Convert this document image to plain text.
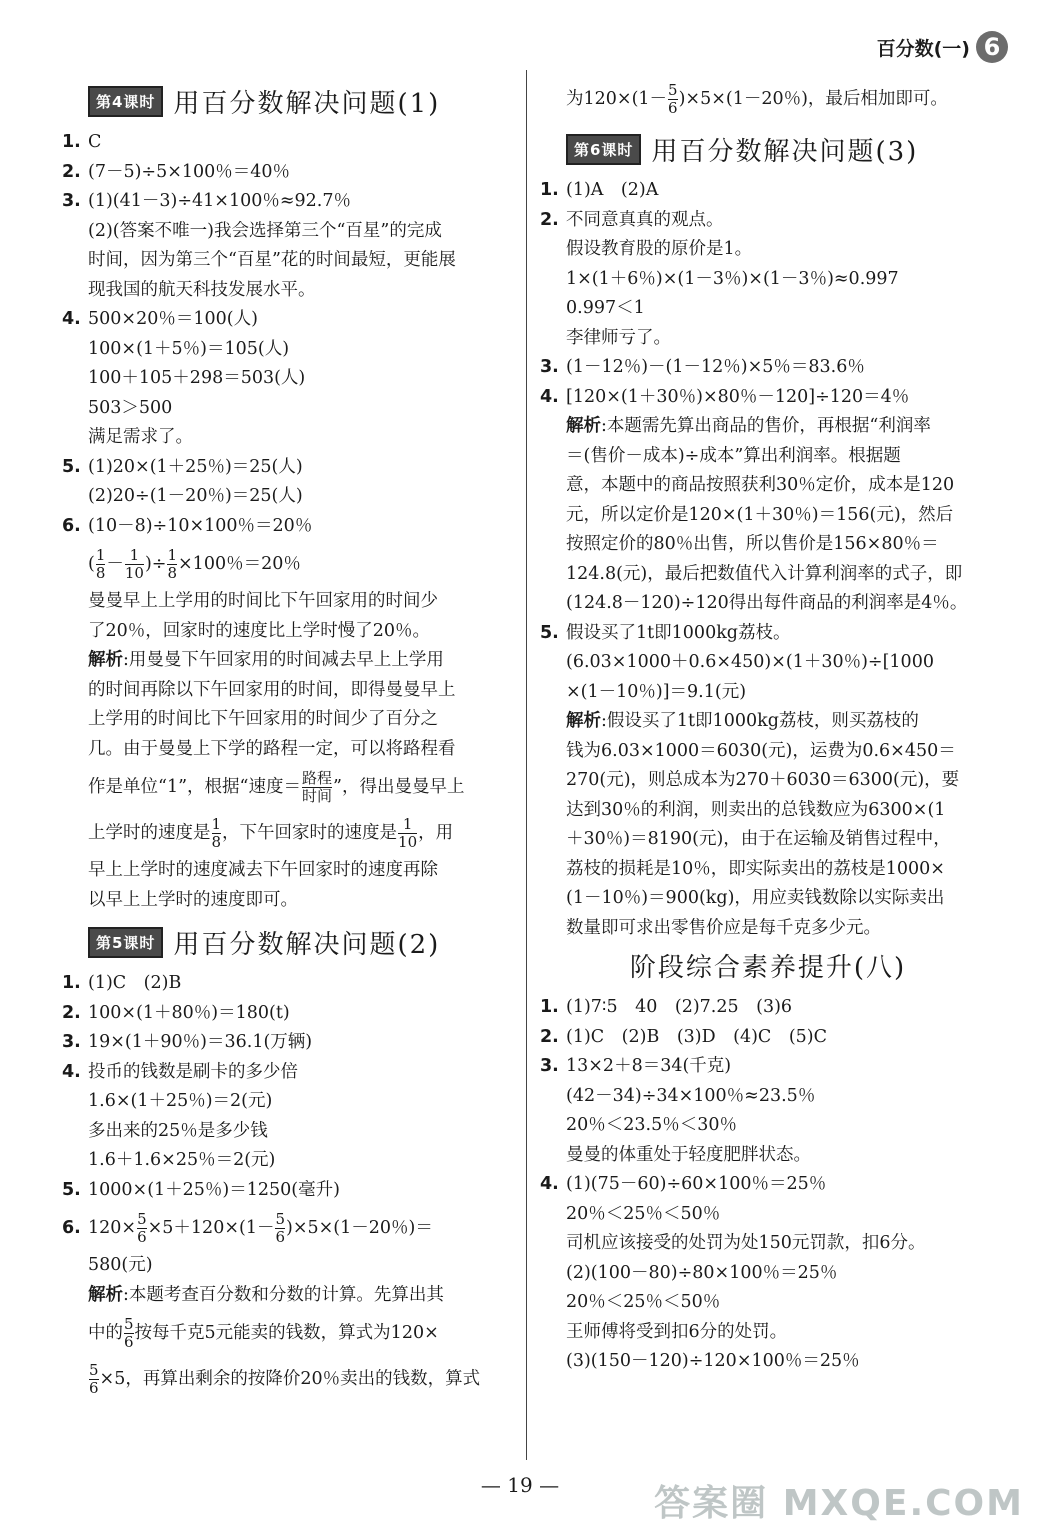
百分数(一) 6
第4课时 用百分数解决问题(1)
1. C
2. (7－5)÷5×100％＝40％
3. (1)(41－3)÷41×100％≈92.7％
(2)(答案不唯一)我会选择第三个“百星”的完成
时间，因为第三个“百星”花的时间最短，更能展
现我国的航天科技发展水平。
4. 500×20％＝100(人)
100×(1＋5％)＝105(人)
100＋105＋298＝503(人)
503＞500
满足需求了。
5. (1)20×(1＋25％)＝25(人)
(2)20÷(1－20％)＝25(人)
6. (10－8)÷10×100％＝20％
( $\frac{1}{8} - \frac{1}{10}$ )÷ $\frac{1}{8} \times 100$％＝20％
曼曼早上上学用的时间比下午回家用的时间少
了20％，回家时的速度比上学时慢了20％。
解析:用曼曼下午回家用的时间减去早上上学用
的时间再除以下午回家用的时间，即得曼曼早上
上学用的时间比下午回家用的时间少了百分之
几。由于曼曼上下学的路程一定，可以将路程看
作是单位“1”，根据“速度＝ $\frac{\text{路程}}{\text{时间}}$ ”，得出曼曼早上
上学时的速度是 $\frac{1}{8}$ ，下午回家时的速度是 $\frac{1}{10}$ ，用
早上上学时的速度减去下午回家时的速度再除
以早上上学时的速度即可。
第5课时 用百分数解决问题(2)
1. (1)C　(2)B
2. 100×(1＋80％)＝180(t)
3. 19×(1＋90％)＝36.1(万辆)
4. 投币的钱数是刷卡的多少倍
1.6×(1＋25％)＝2(元)
多出来的25％是多少钱
1.6＋1.6×25％＝2(元)
5. 1000×(1＋25％)＝1250(毫升)
6. $120\times \frac{5}{6} \times 5+120\times(1- \frac{5}{6} )\times 5\times(1-20$％)＝
580(元)
解析:本题考查百分数和分数的计算。先算出其
中的 $\frac{5}{6}$ 按每千克5元能卖的钱数，算式为120×
$\frac{5}{6} \times 5$，再算出剩余的按降价20％卖出的钱数，算式
为$120\times(1- \frac{5}{6} )\times 5\times(1-20$％)，最后相加即可。
第6课时 用百分数解决问题(3)
1. (1)A　(2)A
2. 不同意真真的观点。
假设教育股的原价是1。
1×(1＋6％)×(1－3％)×(1－3％)≈0.997
0.997＜1
李律师亏了。
3. (1－12％)－(1－12％)×5％＝83.6％
4. [120×(1＋30％)×80％－120]÷120＝4％
解析:本题需先算出商品的售价，再根据“利润率
＝(售价－成本)÷成本”算出利润率。根据题
意，本题中的商品按照获利30％定价，成本是120
元，所以定价是120×(1＋30％)＝156(元)，然后
按照定价的80％出售，所以售价是156×80％＝
124.8(元)，最后把数值代入计算利润率的式子，即
(124.8－120)÷120得出每件商品的利润率是4％。
5. 假设买了1t即1000kg荔枝。
(6.03×1000＋0.6×450)×(1＋30％)÷[1000
×(1－10％)]＝9.1(元)
解析:假设买了1t即1000kg荔枝，则买荔枝的
钱为6.03×1000＝6030(元)，运费为0.6×450＝
270(元)，则总成本为270＋6030＝6300(元)，要
达到30％的利润，则卖出的总钱数应为6300×(1
＋30％)＝8190(元)，由于在运输及销售过程中，
荔枝的损耗是10％，即实际卖出的荔枝是1000×
(1－10％)＝900(kg)，用应卖钱数除以实际卖出
数量即可求出零售价应是每千克多少元。
阶段综合素养提升(八)
1. (1)7∶5　40　(2)7.25　(3)6
2. (1)C　(2)B　(3)D　(4)C　(5)C
3. 13×2＋8＝34(千克)
(42－34)÷34×100％≈23.5％
20％＜23.5％＜30％
曼曼的体重处于轻度肥胖状态。
4. (1)(75－60)÷60×100％＝25％
20％＜25％＜50％
司机应该接受的处罚为处150元罚款，扣6分。
(2)(100－80)÷80×100％＝25％
20％＜25％＜50％
王师傅将受到扣6分的处罚。
(3)(150－120)÷120×100％＝25％
— 19 —	答案圈 MXQE.COM
